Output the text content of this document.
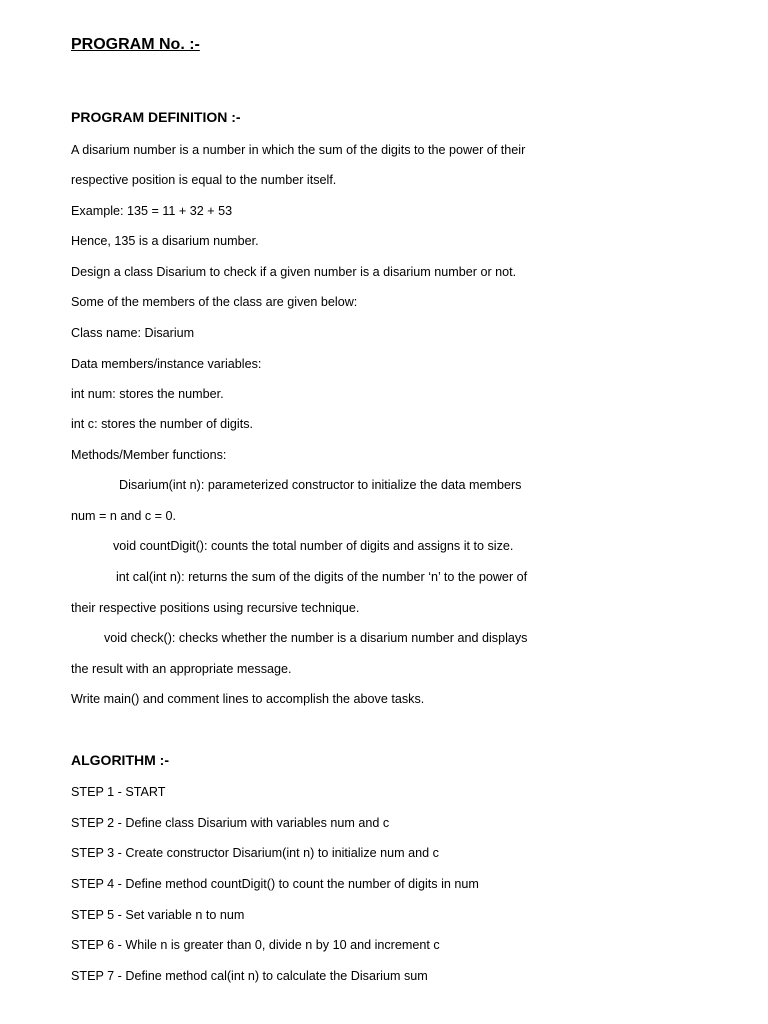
PROGRAM No. :-
PROGRAM DEFINITION :-
A disarium number is a number in which the sum of the digits to the power of their
respective position is equal to the number itself.
Example: 135 = 11 + 32 + 53
Hence, 135 is a disarium number.
Design a class Disarium to check if a given number is a disarium number or not.
Some of the members of the class are given below:
Class name: Disarium
Data members/instance variables:
int num: stores the number.
int c: stores the number of digits.
Methods/Member functions:
Disarium(int n): parameterized constructor to initialize the data members
num = n and c = 0.
void countDigit(): counts the total number of digits and assigns it to size.
int cal(int n): returns the sum of the digits of the number ‘n’ to the power of
their respective positions using recursive technique.
void check(): checks whether the number is a disarium number and displays
the result with an appropriate message.
Write main() and comment lines to accomplish the above tasks.
ALGORITHM :-
STEP 1 - START
STEP 2 - Define class Disarium with variables num and c
STEP 3 - Create constructor Disarium(int n) to initialize num and c
STEP 4 - Define method countDigit() to count the number of digits in num
STEP 5 - Set variable n to num
STEP 6 - While n is greater than 0, divide n by 10 and increment c
STEP 7 - Define method cal(int n) to calculate the Disarium sum
